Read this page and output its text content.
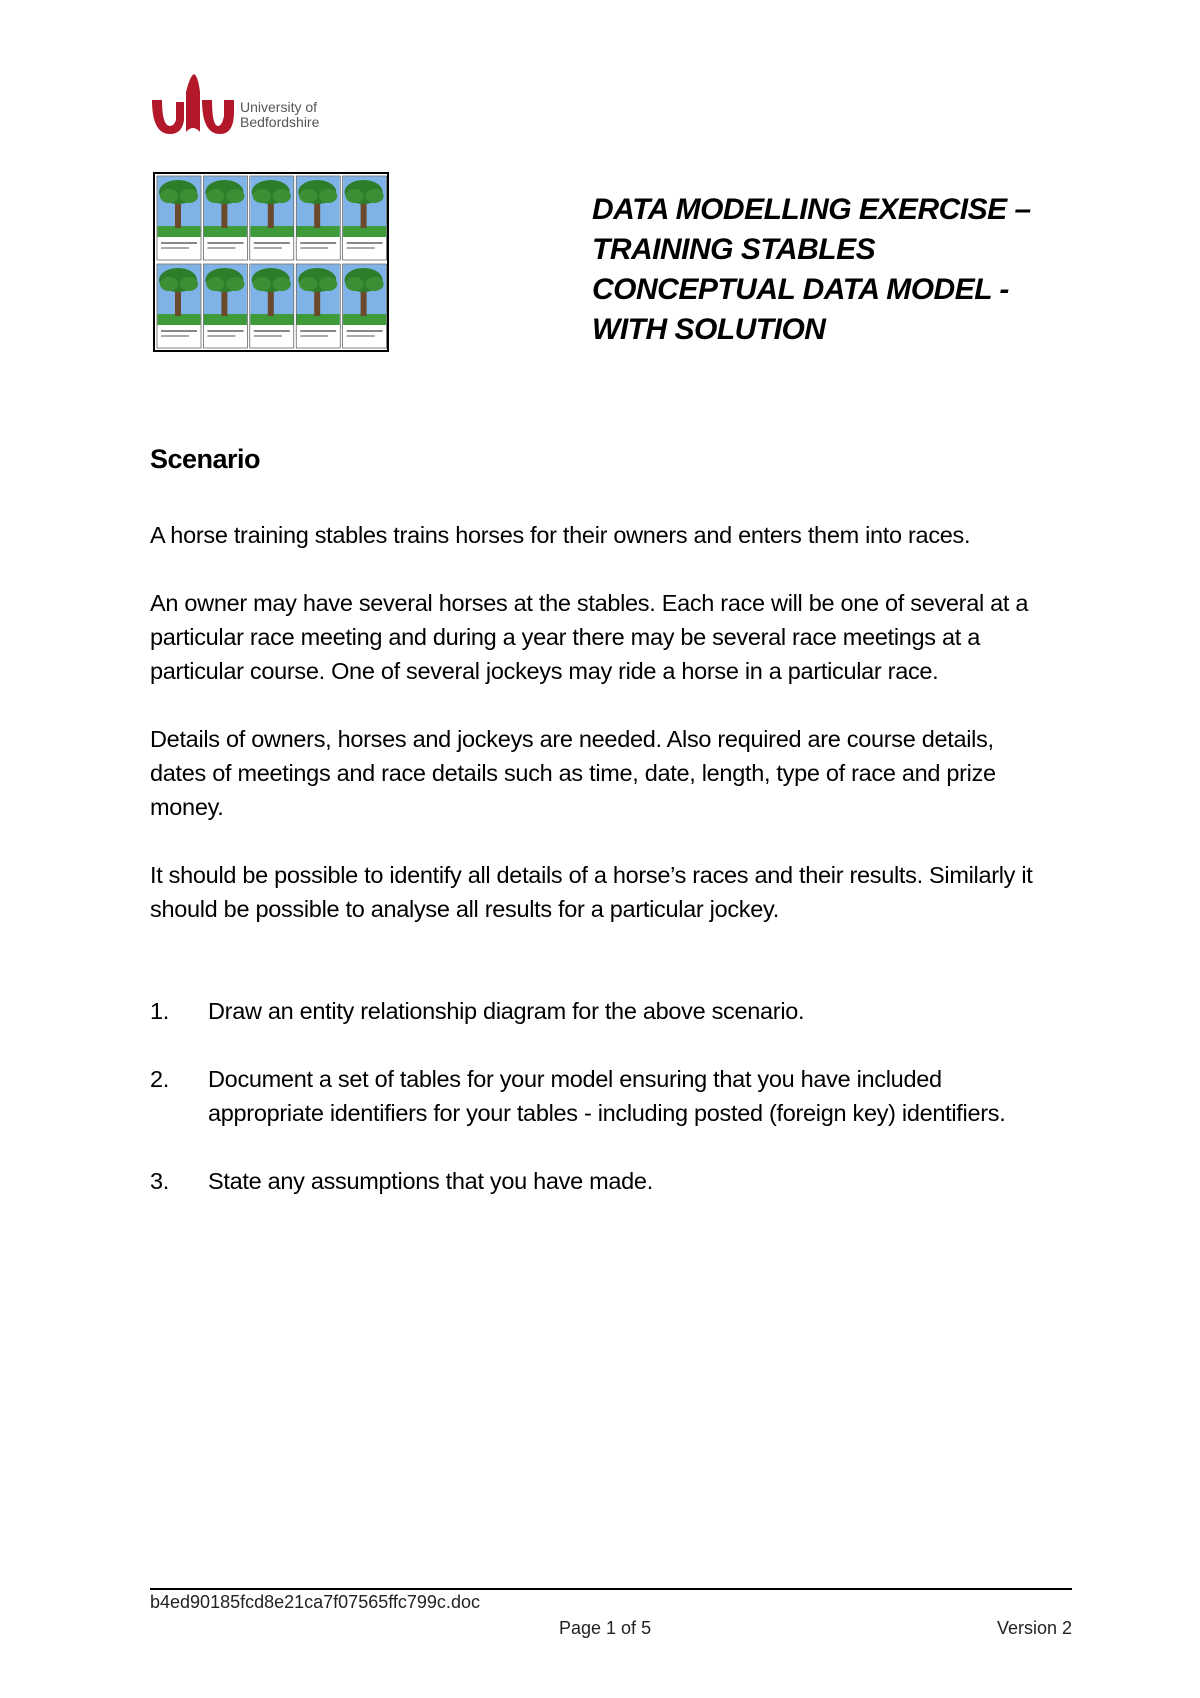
University of
Bedfordshire
DATA MODELLING EXERCISE –
TRAINING STABLES
CONCEPTUAL DATA MODEL -
WITH SOLUTION
Scenario
A horse training stables trains horses for their owners and enters them into races.
An owner may have several horses at the stables. Each race will be one of several at a
particular race meeting and during a year there may be several race meetings at a
particular course. One of several jockeys may ride a horse in a particular race.
Details of owners, horses and jockeys are needed. Also required are course details,
dates of meetings and race details such as time, date, length, type of race and prize
money.
It should be possible to identify all details of a horse’s races and their results. Similarly it
should be possible to analyse all results for a particular jockey.
1. Draw an entity relationship diagram for the above scenario.
2. Document a set of tables for your model ensuring that you have included
appropriate identifiers for your tables - including posted (foreign key) identifiers.
3. State any assumptions that you have made.
b4ed90185fcd8e21ca7f07565ffc799c.doc
Page 1 of 5	Version 2
